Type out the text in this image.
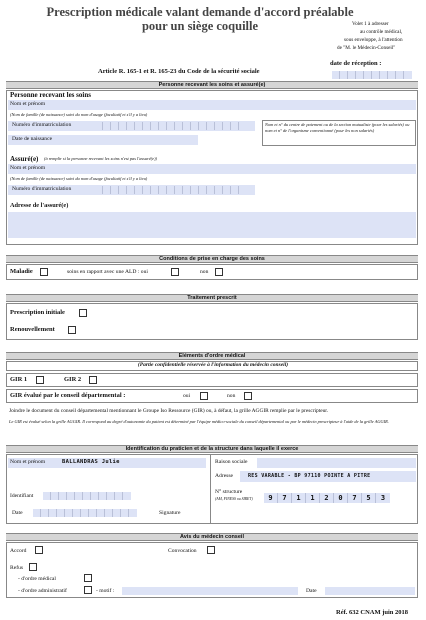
Prescription médicale valant demande d'accord préalable
pour un siège coquille	Volet 1 à adresser
au contrôle médical,
sous enveloppe, à l'attention
de "M. le Médecin-Conseil"
date de réception :
Article R. 165-1 et R. 165-23 du Code de la sécurité sociale
Personne recevant les soins et assuré(e)
Personne recevant les soins
Nom et prénom
(Nom de famille (de naissance) suivi du nom d'usage (facultatif et s'il y a lieu)
Numéro d'immatriculation
Date de naissance
Nom et n° du centre de paiement ou de la section mutualiste (pour les salariés) ou nom et n° de l'organisme conventionné (pour les non salariés)
Assuré(e) (à remplir si la personne recevant les soins n'est pas l'assuré(e))
Nom et prénom
(Nom de famille (de naissance) suivi du nom d'usage (facultatif et s'il y a lieu)
Numéro d'immatriculation
Adresse de l'assuré(e)
Conditions de prise en charge des soins
Maladie	soins en rapport avec une ALD : oui	non
Traitement prescrit
Prescription initiale
Renouvellement
Eléments d'ordre médical
(Partie confidentielle réservée à l'information du médecin conseil)
GIR 1	GIR 2
GIR évalué par le conseil départemental :	oui	non
Joindre le document du conseil départemental mentionnant le Groupe Iso Ressource (GIR) ou, à défaut, la grille AGGIR remplie par le prescripteur.
Le GIR est évalué selon la grille AGGIR. Il correspond au degré d'autonomie du patient est déterminé par l'équipe médico-sociale du conseil départemental ou par le médecin prescripteur à l'aide de la grille AGGIR.
Identification du praticien et de la structure dans laquelle il exerce
Nom et prénom	BALLANDRAS Julie
Identifiant
Date	Signature
Raison sociale
Adresse	RES VARABLE - BP 97110 POINTE A PITRE
N° structure
(AM, FINESS ou SIRET)	9	7	1	1	2	0	7	5	3
Avis du médecin conseil
Accord	Convocation
Refus
- d'ordre médical
- d'ordre administratif	- motif :	Date
Réf. 632 CNAM juin 2018
